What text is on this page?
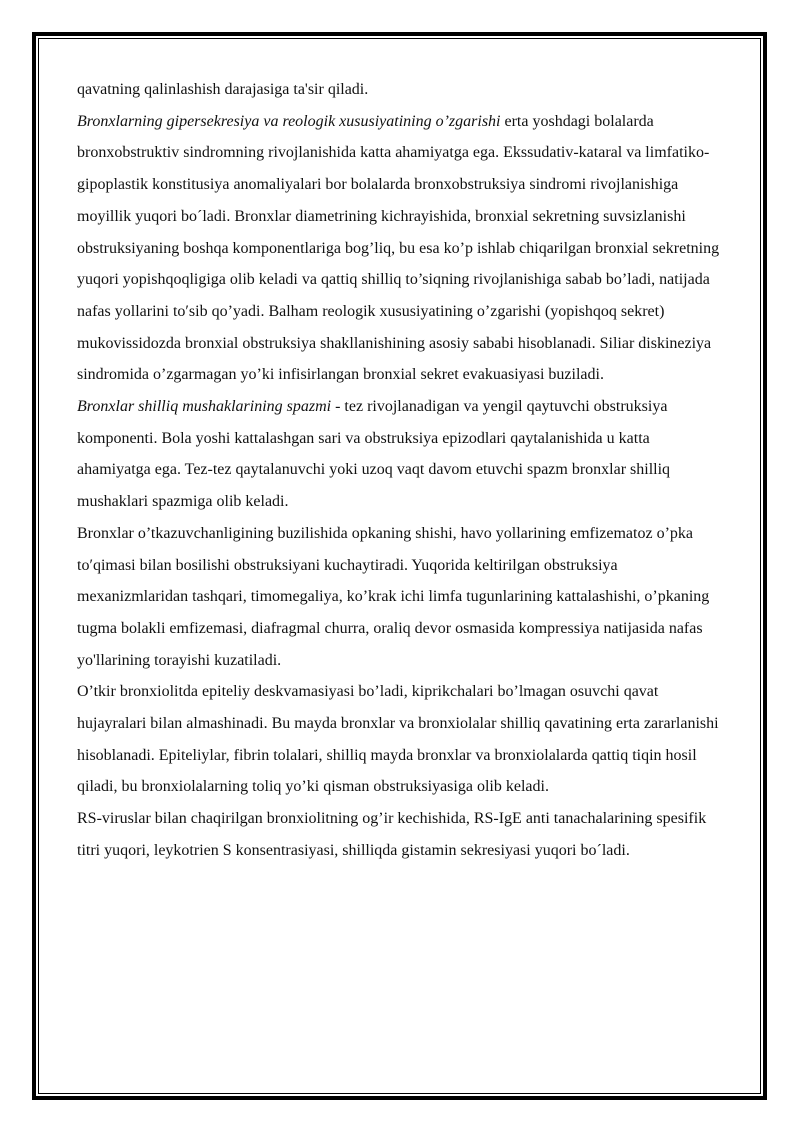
qavatning qalinlashish darajasiga ta'sir qiladi.

Bronxlarning gipersekresiya va reologik xususiyatining o’zgarishi erta yoshdagi bolalarda bronxobstruktiv sindromning rivojlanishida katta ahamiyatga ega. Ekssudativ-kataral va limfatiko-gipoplastik konstitusiya anomaliyalari bor bolalarda bronxobstruksiya sindromi rivojlanishiga moyillik yuqori bo´ladi. Bronxlar diametrining kichrayishida, bronxial sekretning suvsizlanishi obstruksiyaning boshqa komponentlariga bog’liq, bu esa ko’p ishlab chiqarilgan bronxial sekretning yuqori yopishqoqligiga olib keladi va qattiq shilliq to’siqning rivojlanishiga sabab bo’ladi, natijada nafas yollarini to′sib qo’yadi. Balham reologik xususiyatining o’zgarishi (yopishqoq sekret) mukovissidozda bronxial obstruksiya shakllanishining asosiy sababi hisoblanadi. Siliar diskineziya sindromida o’zgarmagan yo’ki infisirlangan bronxial sekret evakuasiyasi buziladi.

Bronxlar shilliq mushaklarining spazmi - tez rivojlanadigan va yengil qaytuvchi obstruksiya komponenti. Bola yoshi kattalashgan sari va obstruksiya epizodlari qaytalanishida u katta ahamiyatga ega. Tez-tez qaytalanuvchi yoki uzoq vaqt davom etuvchi spazm bronxlar shilliq mushaklari spazmiga olib keladi.

Bronxlar o’tkazuvchanligining buzilishida opkaning shishi, havo yollarining emfizematoz o’pka to′qimasi bilan bosilishi obstruksiyani kuchaytiradi. Yuqorida keltirilgan obstruksiya mexanizmlaridan tashqari, timomegaliya, ko’krak ichi limfa tugunlarining kattalashishi, o’pkaning tugma bolakli emfizemasi, diafragmal churra, oraliq devor osmasida kompressiya natijasida nafas yo'llarining torayishi kuzatiladi.

O’tkir bronxiolitda epiteliy deskvamasiyasi bo’ladi, kiprikchalari bo’lmagan osuvchi qavat hujayralari bilan almashinadi. Bu mayda bronxlar va bronxiolalar shilliq qavatining erta zararlanishi hisoblanadi. Epiteliylar, fibrin tolalari, shilliq mayda bronxlar va bronxiolalarda qattiq tiqin hosil qiladi, bu bronxiolalarning toliq yo’ki qisman obstruksiyasiga olib keladi.

RS-viruslar bilan chaqirilgan bronxiolitning og’ir kechishida, RS-IgE anti tanachalarining spesifik titri yuqori, leykotrien S konsentrasiyasi, shilliqda gistamin sekresiyasi yuqori bo´ladi.
